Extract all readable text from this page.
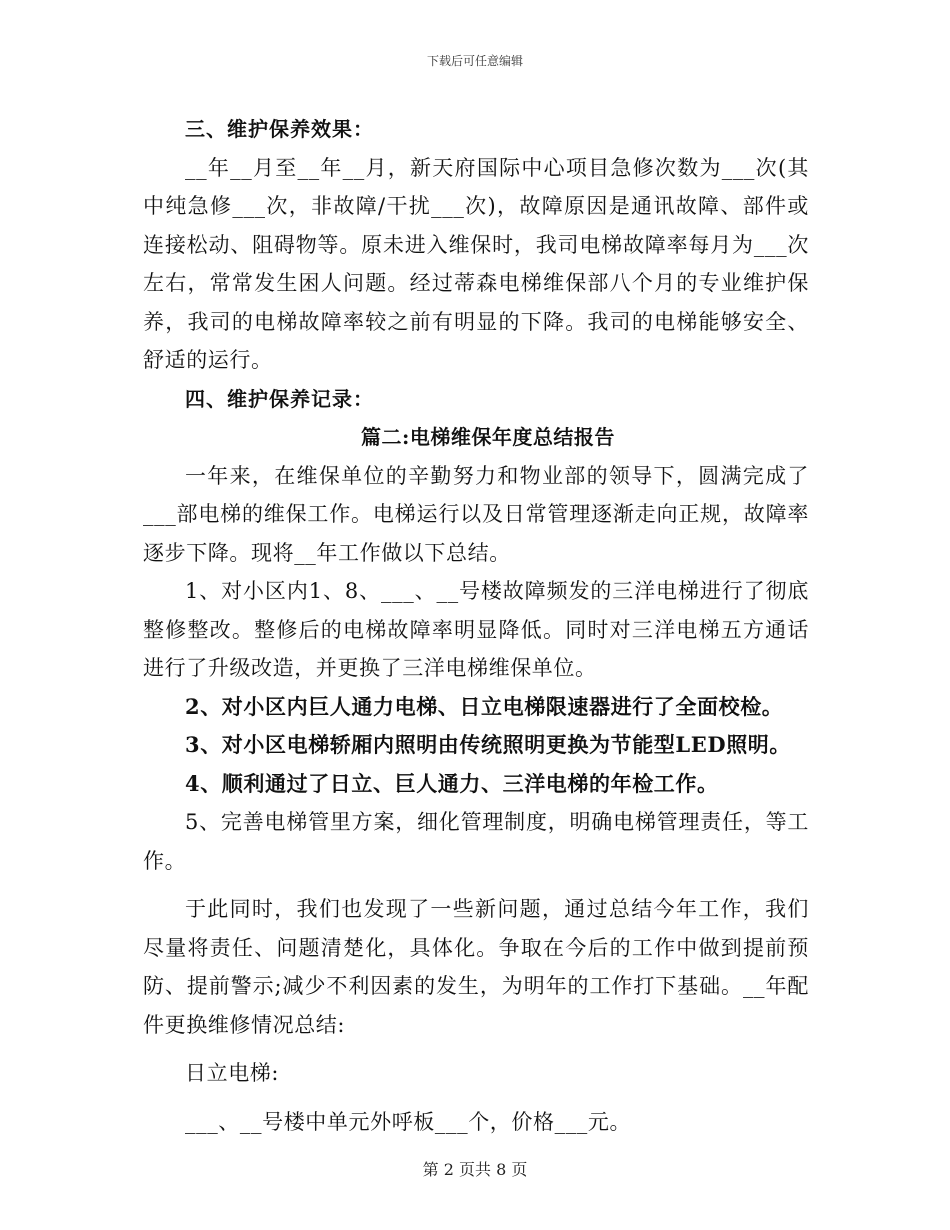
下载后可任意编辑

三、维护保养效果：

__年__月至__年__月，新天府国际中心项目急修次数为___次(其中纯急修___次，非故障/干扰___次)，故障原因是通讯故障、部件或连接松动、阻碍物等。原未进入维保时，我司电梯故障率每月为___次左右，常常发生困人问题。经过蒂森电梯维保部八个月的专业维护保养，我司的电梯故障率较之前有明显的下降。我司的电梯能够安全、舒适的运行。

四、维护保养记录：

篇二:电梯维保年度总结报告

一年来，在维保单位的辛勤努力和物业部的领导下，圆满完成了___部电梯的维保工作。电梯运行以及日常管理逐渐走向正规，故障率逐步下降。现将__年工作做以下总结。

1、对小区内1、8、___、__号楼故障频发的三洋电梯进行了彻底整修整改。整修后的电梯故障率明显降低。同时对三洋电梯五方通话进行了升级改造，并更换了三洋电梯维保单位。

2、对小区内巨人通力电梯、日立电梯限速器进行了全面校检。

3、对小区电梯轿厢内照明由传统照明更换为节能型LED照明。

4、顺利通过了日立、巨人通力、三洋电梯的年检工作。

5、完善电梯管里方案，细化管理制度，明确电梯管理责任，等工作。

于此同时，我们也发现了一些新问题，通过总结今年工作，我们尽量将责任、问题清楚化，具体化。争取在今后的工作中做到提前预防、提前警示;减少不利因素的发生，为明年的工作打下基础。__年配件更换维修情况总结:

日立电梯:

___、__号楼中单元外呼板___个，价格___元。

第 2 页共 8 页
